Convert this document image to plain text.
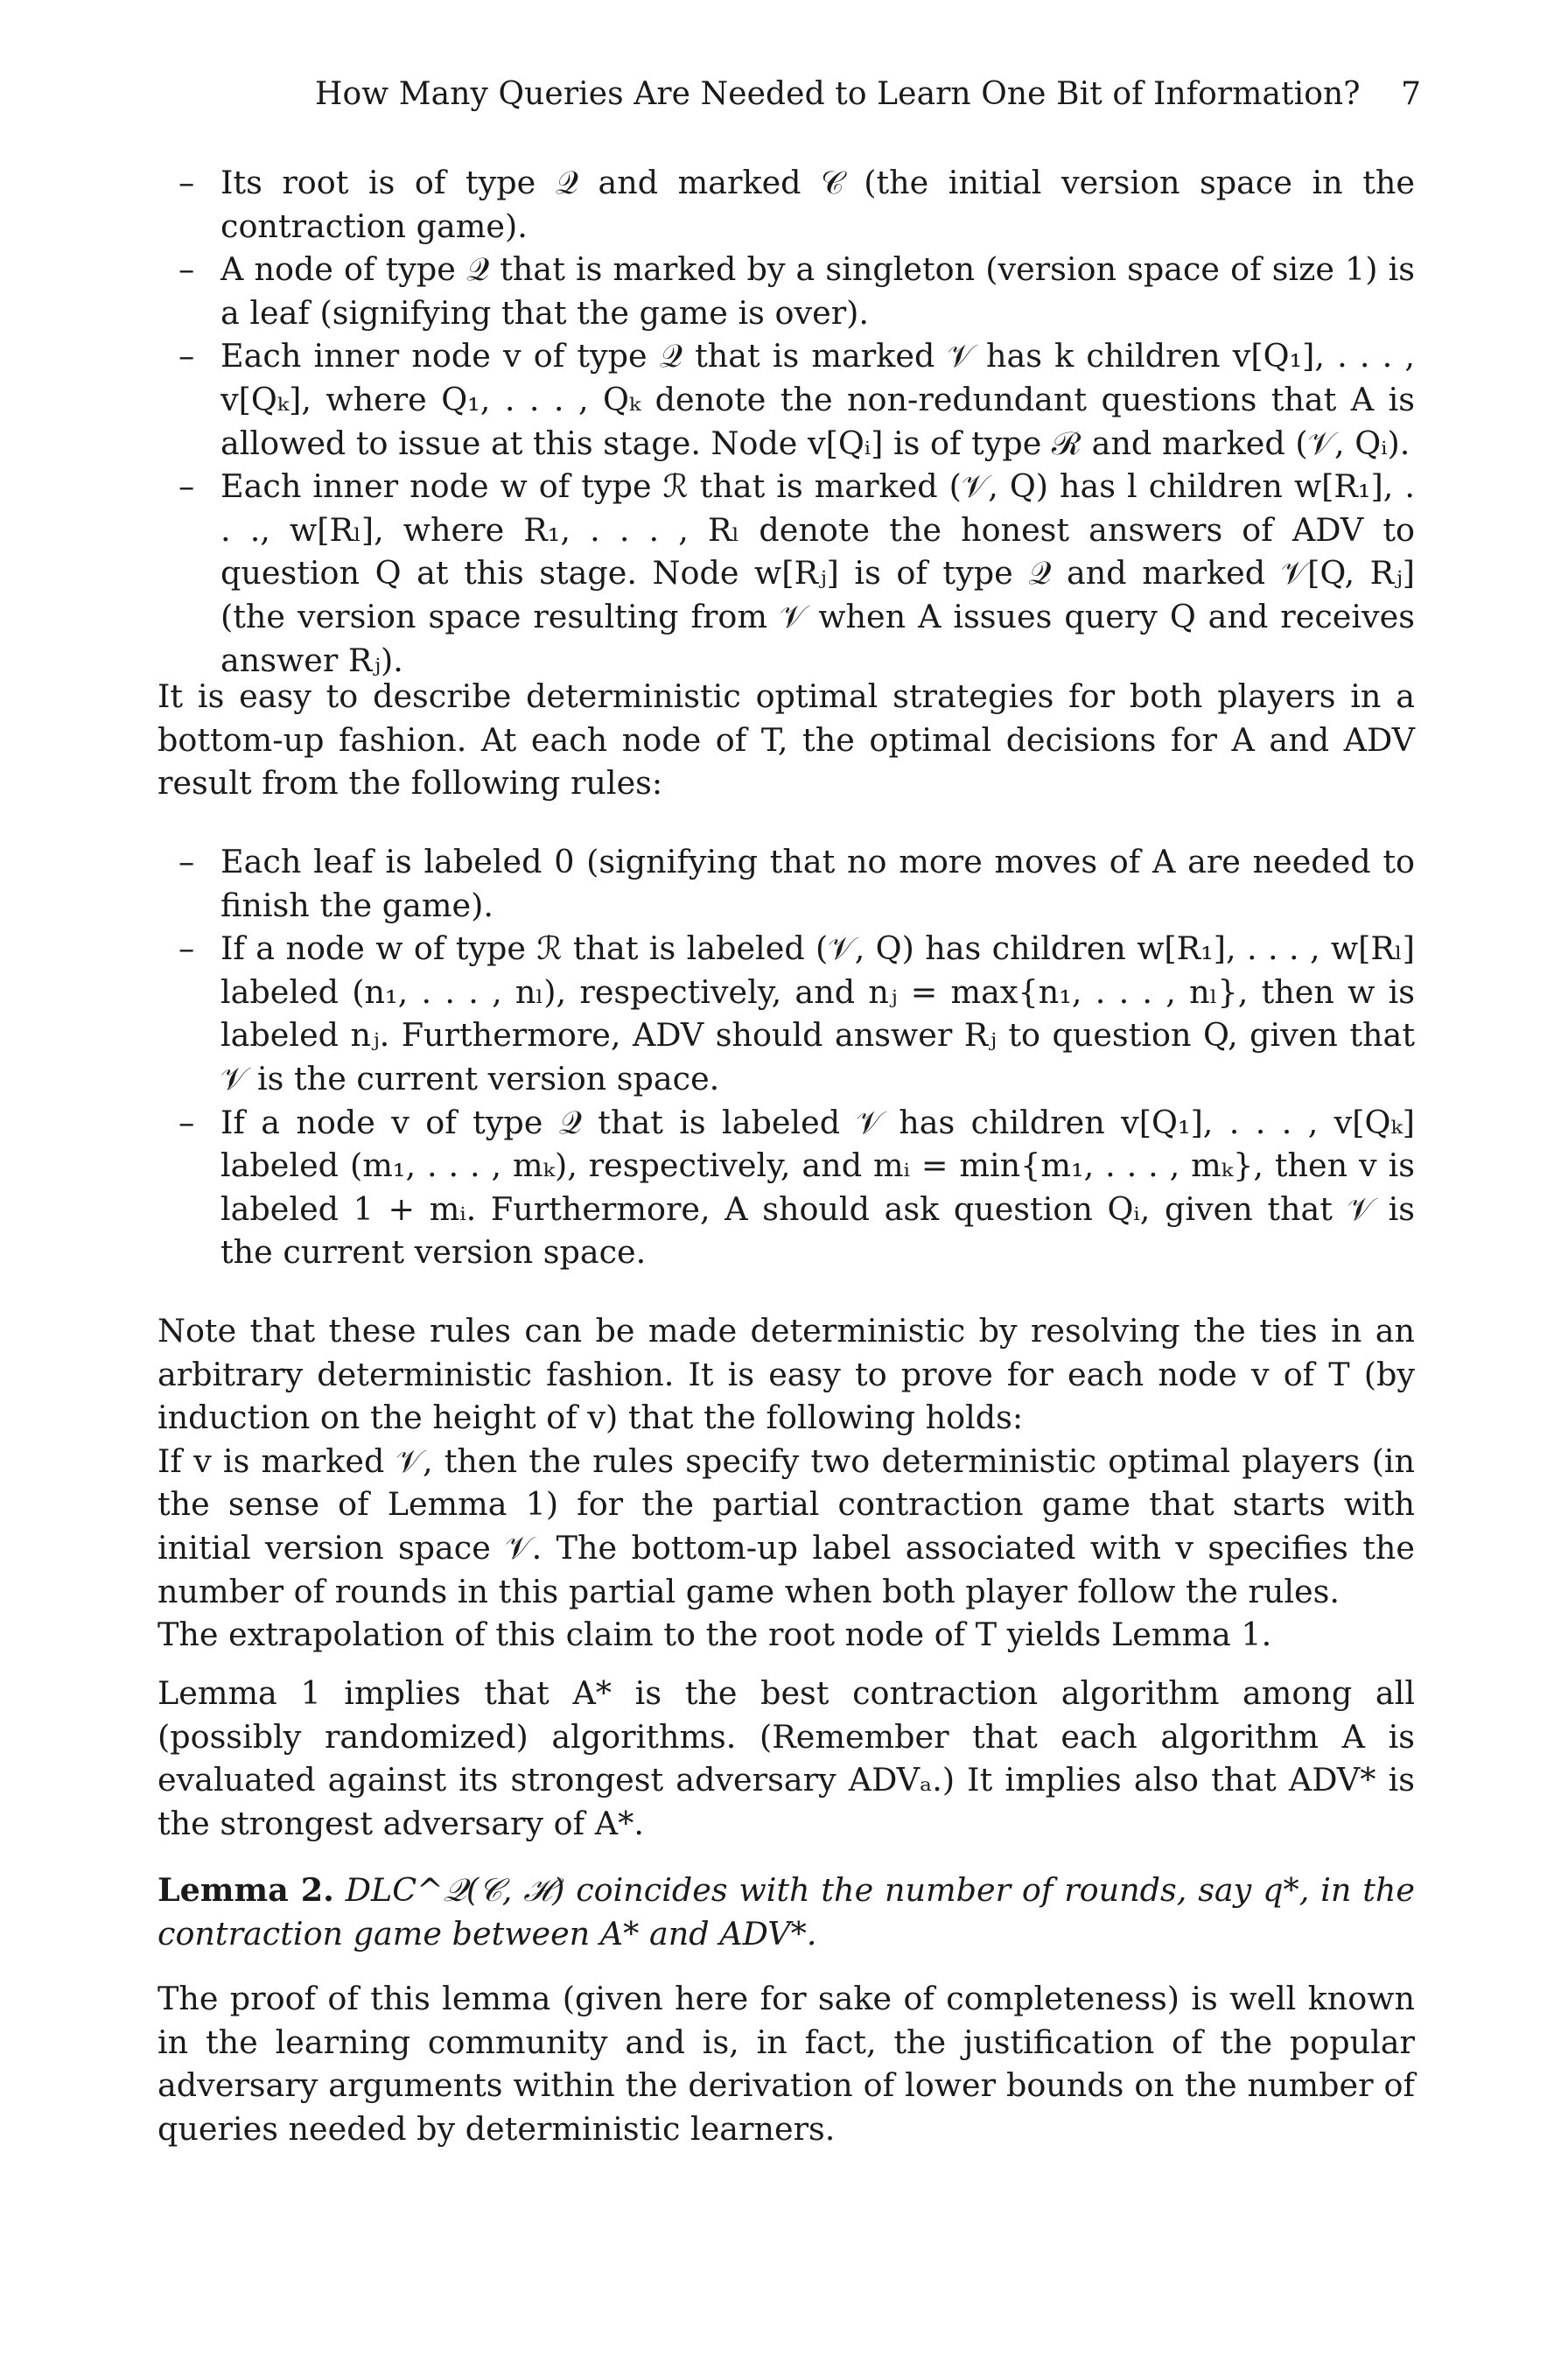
How Many Queries Are Needed to Learn One Bit of Information?	7
– Its root is of type 𝒬 and marked 𝒞 (the initial version space in the contraction game).
– A node of type 𝒬 that is marked by a singleton (version space of size 1) is a leaf (signifying that the game is over).
– Each inner node v of type 𝒬 that is marked 𝒱 has k children v[Q₁], . . . , v[Qₖ], where Q₁, . . . , Qₖ denote the non-redundant questions that A is allowed to issue at this stage. Node v[Qᵢ] is of type ℛ and marked (𝒱, Qᵢ).
– Each inner node w of type ℛ that is marked (𝒱, Q) has l children w[R₁], . . ., w[Rₗ], where R₁, . . . , Rₗ denote the honest answers of ADV to question Q at this stage. Node w[Rⱼ] is of type 𝒬 and marked 𝒱[Q, Rⱼ] (the version space resulting from 𝒱 when A issues query Q and receives answer Rⱼ).

It is easy to describe deterministic optimal strategies for both players in a bottom-up fashion. At each node of T, the optimal decisions for A and ADV result from the following rules:

– Each leaf is labeled 0 (signifying that no more moves of A are needed to finish the game).
– If a node w of type ℛ that is labeled (𝒱, Q) has children w[R₁], . . . , w[Rₗ] labeled (n₁, . . . , nₗ), respectively, and nⱼ = max{n₁, . . . , nₗ}, then w is labeled nⱼ. Furthermore, ADV should answer Rⱼ to question Q, given that 𝒱 is the current version space.
– If a node v of type 𝒬 that is labeled 𝒱 has children v[Q₁], . . . , v[Qₖ] labeled (m₁, . . . , mₖ), respectively, and mᵢ = min{m₁, . . . , mₖ}, then v is labeled 1 + mᵢ. Furthermore, A should ask question Qᵢ, given that 𝒱 is the current version space.

Note that these rules can be made deterministic by resolving the ties in an arbitrary deterministic fashion. It is easy to prove for each node v of T (by induction on the height of v) that the following holds:

If v is marked 𝒱, then the rules specify two deterministic optimal players (in the sense of Lemma 1) for the partial contraction game that starts with initial version space 𝒱. The bottom-up label associated with v specifies the number of rounds in this partial game when both player follow the rules.

The extrapolation of this claim to the root node of T yields Lemma 1.

Lemma 1 implies that A* is the best contraction algorithm among all (possibly randomized) algorithms. (Remember that each algorithm A is evaluated against its strongest adversary ADVₐ.) It implies also that ADV* is the strongest adversary of A*.

Lemma 2. DLC^𝒬(𝒞, ℋ) coincides with the number of rounds, say q*, in the contraction game between A* and ADV*.

The proof of this lemma (given here for sake of completeness) is well known in the learning community and is, in fact, the justification of the popular adversary arguments within the derivation of lower bounds on the number of queries needed by deterministic learners.
